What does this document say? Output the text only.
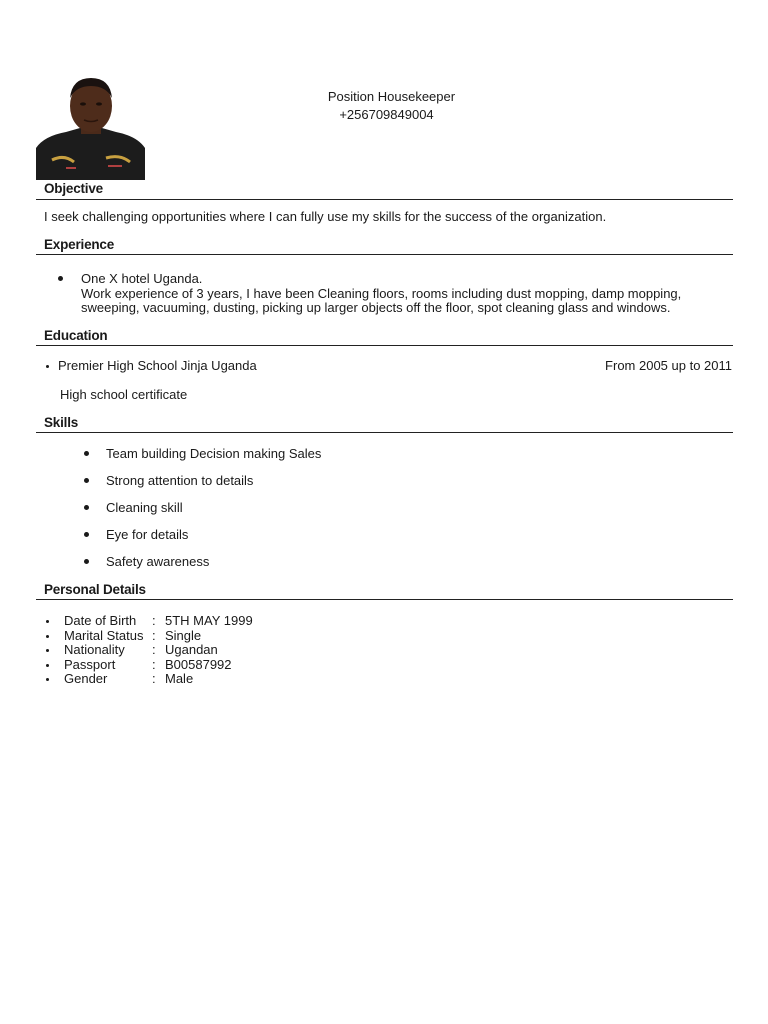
Position Housekeeper
+256709849004
Objective
I seek challenging opportunities where I can fully use my skills for the success of the organization.
Experience
One X hotel Uganda.
Work experience of 3 years, I have been Cleaning floors, rooms including dust mopping, damp mopping,
sweeping, vacuuming, dusting, picking up larger objects off the floor, spot cleaning glass and windows.
Education
Premier High School Jinja Uganda	From 2005 up to 2011
High school certificate
Skills
Team building Decision making Sales
Strong attention to details
Cleaning skill
Eye for details
Safety awareness
Personal Details
Date of Birth : 5TH MAY 1999
Marital Status : Single
Nationality : Ugandan
Passport	: B00587992
Gender	: Male
